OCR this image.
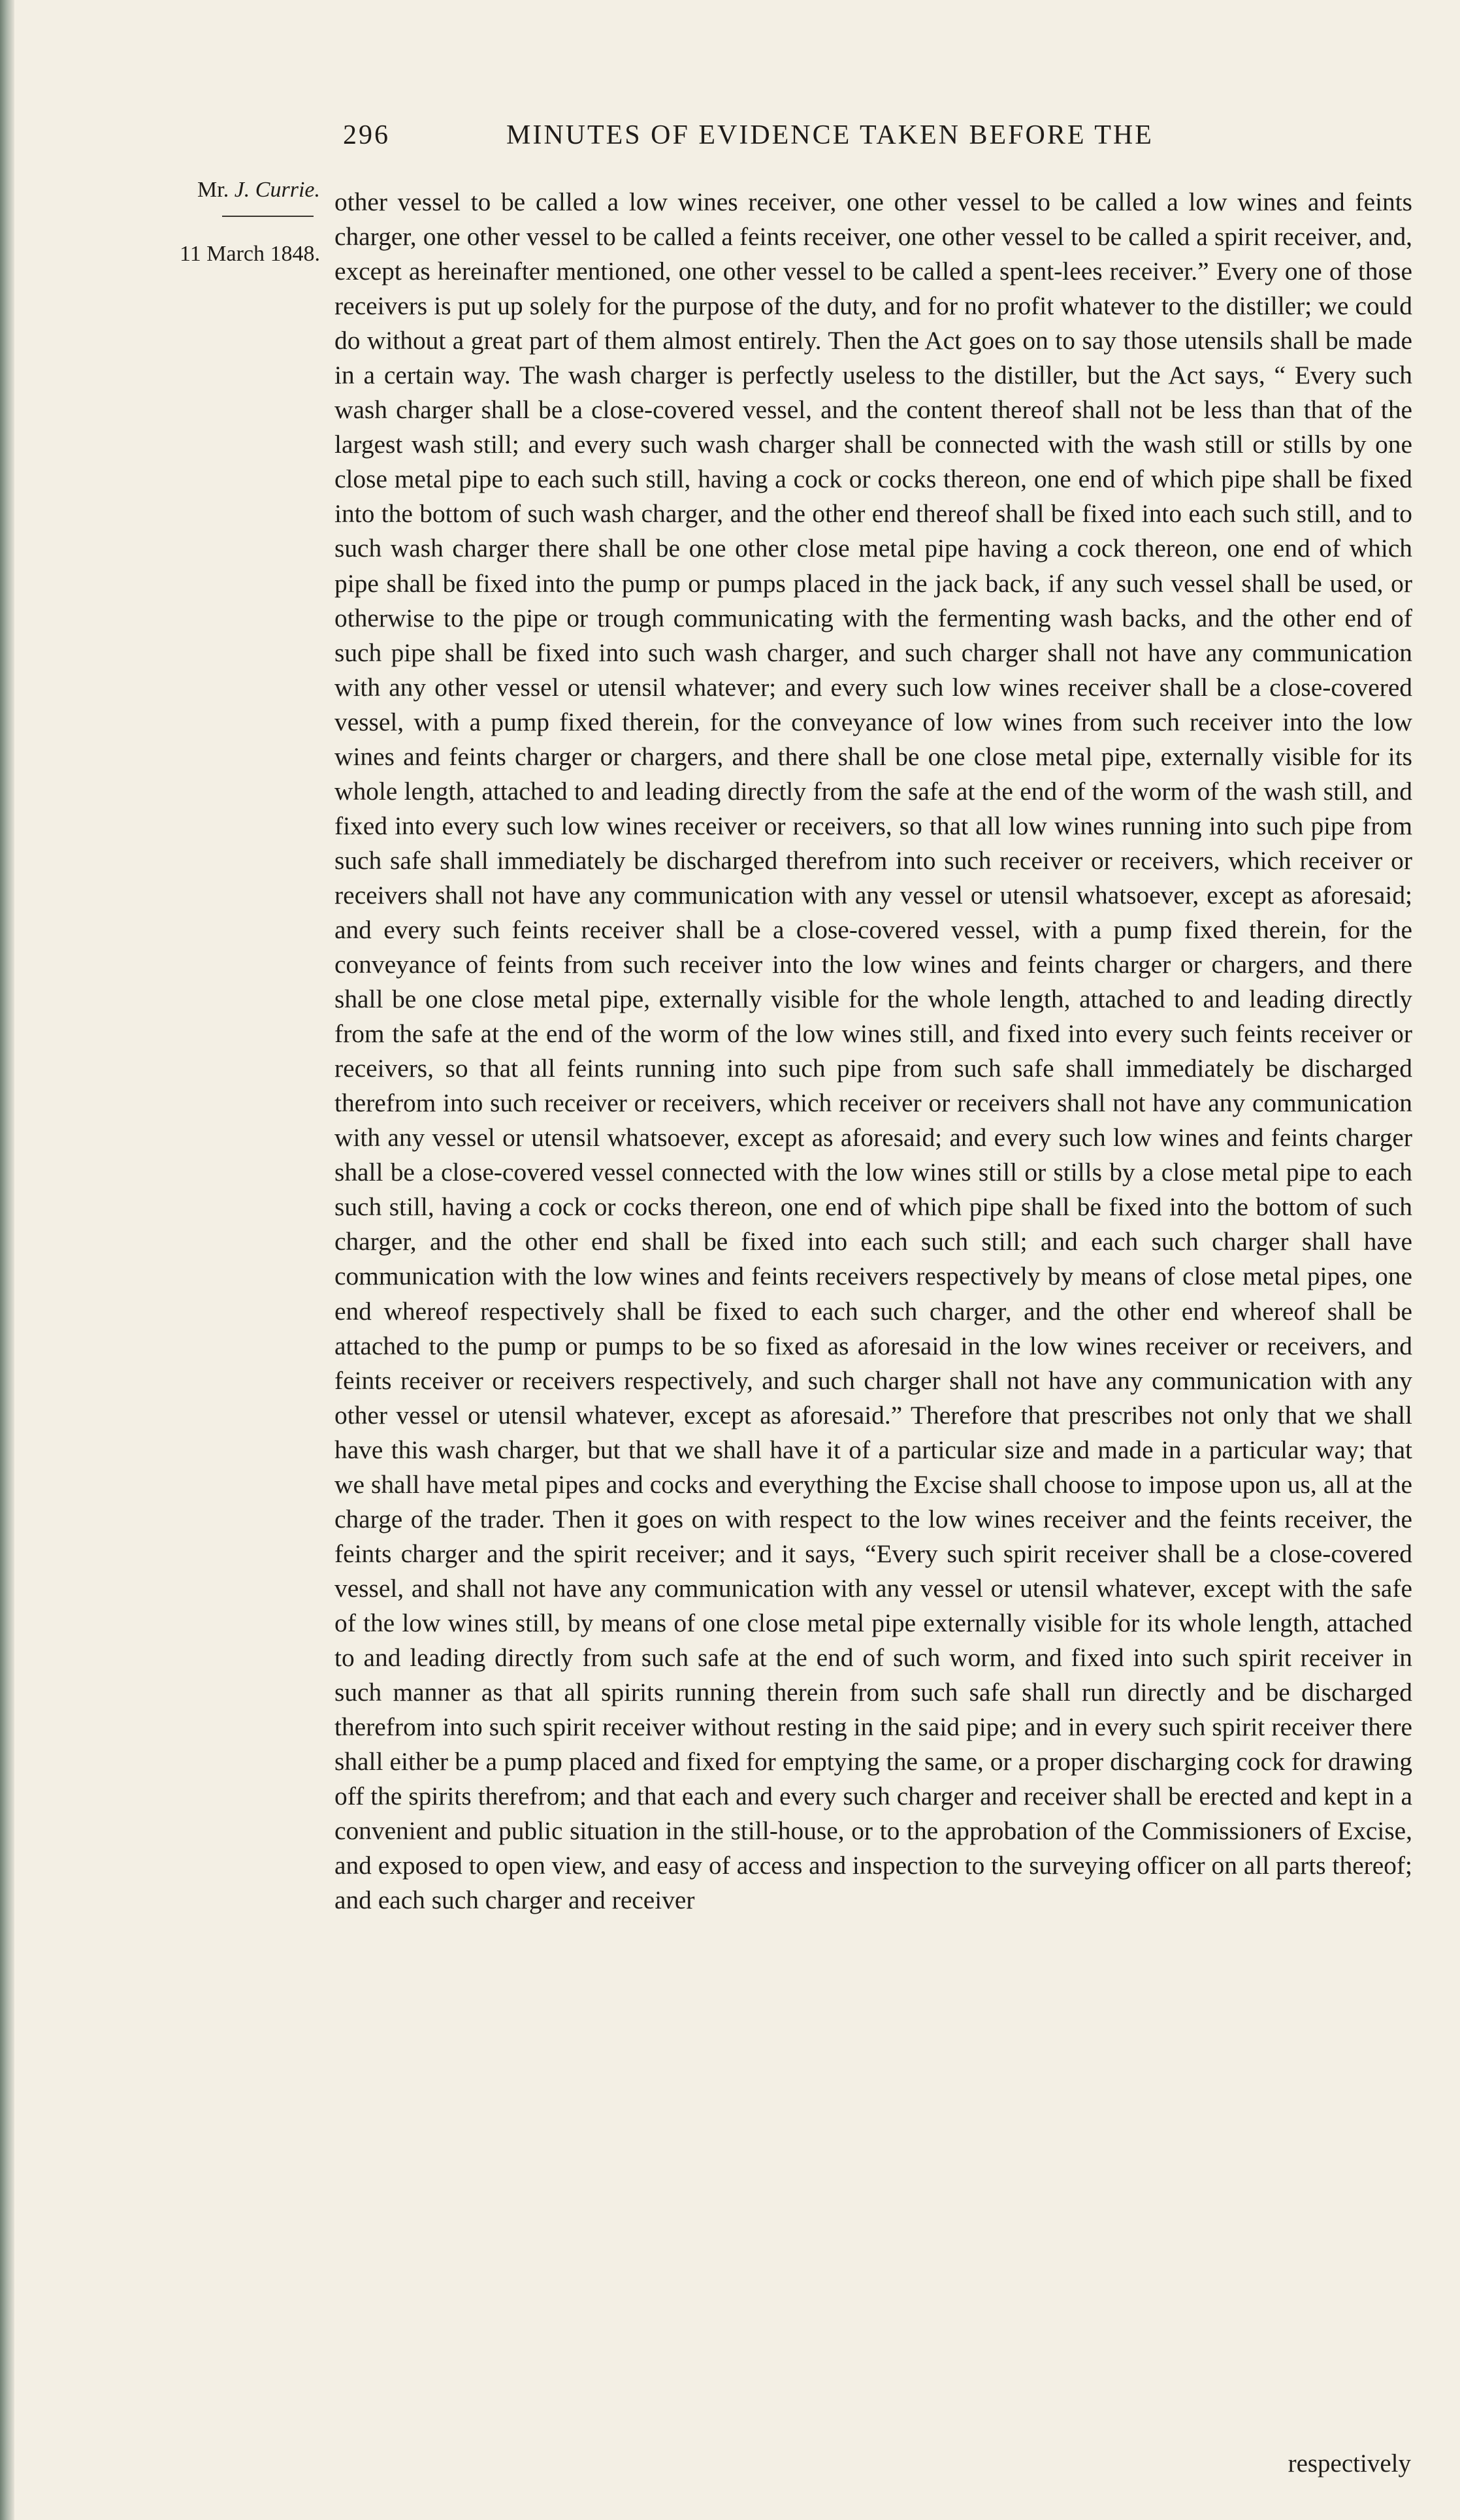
296	MINUTES OF EVIDENCE TAKEN BEFORE THE
Mr. J. Currie.
11 March 1848.
other vessel to be called a low wines receiver, one other vessel to be called a low wines and feints charger, one other vessel to be called a feints receiver, one other vessel to be called a spirit receiver, and, except as hereinafter mentioned, one other vessel to be called a spent-lees receiver.” Every one of those receivers is put up solely for the purpose of the duty, and for no profit whatever to the distiller; we could do without a great part of them almost entirely. Then the Act goes on to say those utensils shall be made in a certain way. The wash charger is perfectly useless to the distiller, but the Act says, “ Every such wash charger shall be a close-covered vessel, and the content thereof shall not be less than that of the largest wash still; and every such wash charger shall be connected with the wash still or stills by one close metal pipe to each such still, having a cock or cocks thereon, one end of which pipe shall be fixed into the bottom of such wash charger, and the other end thereof shall be fixed into each such still, and to such wash charger there shall be one other close metal pipe having a cock thereon, one end of which pipe shall be fixed into the pump or pumps placed in the jack back, if any such vessel shall be used, or otherwise to the pipe or trough communicating with the fermenting wash backs, and the other end of such pipe shall be fixed into such wash charger, and such charger shall not have any communication with any other vessel or utensil whatever; and every such low wines receiver shall be a close-covered vessel, with a pump fixed therein, for the conveyance of low wines from such receiver into the low wines and feints charger or chargers, and there shall be one close metal pipe, externally visible for its whole length, attached to and leading directly from the safe at the end of the worm of the wash still, and fixed into every such low wines receiver or receivers, so that all low wines running into such pipe from such safe shall immediately be discharged therefrom into such receiver or receivers, which receiver or receivers shall not have any communication with any vessel or utensil whatsoever, except as aforesaid; and every such feints receiver shall be a close-covered vessel, with a pump fixed therein, for the conveyance of feints from such receiver into the low wines and feints charger or chargers, and there shall be one close metal pipe, externally visible for the whole length, attached to and leading directly from the safe at the end of the worm of the low wines still, and fixed into every such feints receiver or receivers, so that all feints running into such pipe from such safe shall immediately be discharged therefrom into such receiver or receivers, which receiver or receivers shall not have any communication with any vessel or utensil whatsoever, except as aforesaid; and every such low wines and feints charger shall be a close-covered vessel connected with the low wines still or stills by a close metal pipe to each such still, having a cock or cocks thereon, one end of which pipe shall be fixed into the bottom of such charger, and the other end shall be fixed into each such still; and each such charger shall have communication with the low wines and feints receivers respectively by means of close metal pipes, one end whereof respectively shall be fixed to each such charger, and the other end whereof shall be attached to the pump or pumps to be so fixed as aforesaid in the low wines receiver or receivers, and feints receiver or receivers respectively, and such charger shall not have any communication with any other vessel or utensil whatever, except as aforesaid.” Therefore that prescribes not only that we shall have this wash charger, but that we shall have it of a particular size and made in a particular way; that we shall have metal pipes and cocks and everything the Excise shall choose to impose upon us, all at the charge of the trader. Then it goes on with respect to the low wines receiver and the feints receiver, the feints charger and the spirit receiver; and it says, “Every such spirit receiver shall be a close-covered vessel, and shall not have any communication with any vessel or utensil whatever, except with the safe of the low wines still, by means of one close metal pipe externally visible for its whole length, attached to and leading directly from such safe at the end of such worm, and fixed into such spirit receiver in such manner as that all spirits running therein from such safe shall run directly and be discharged therefrom into such spirit receiver without resting in the said pipe; and in every such spirit receiver there shall either be a pump placed and fixed for emptying the same, or a proper discharging cock for drawing off the spirits therefrom; and that each and every such charger and receiver shall be erected and kept in a convenient and public situation in the still-house, or to the approbation of the Commissioners of Excise, and exposed to open view, and easy of access and inspection to the surveying officer on all parts thereof; and each such charger and receiver
respectively
